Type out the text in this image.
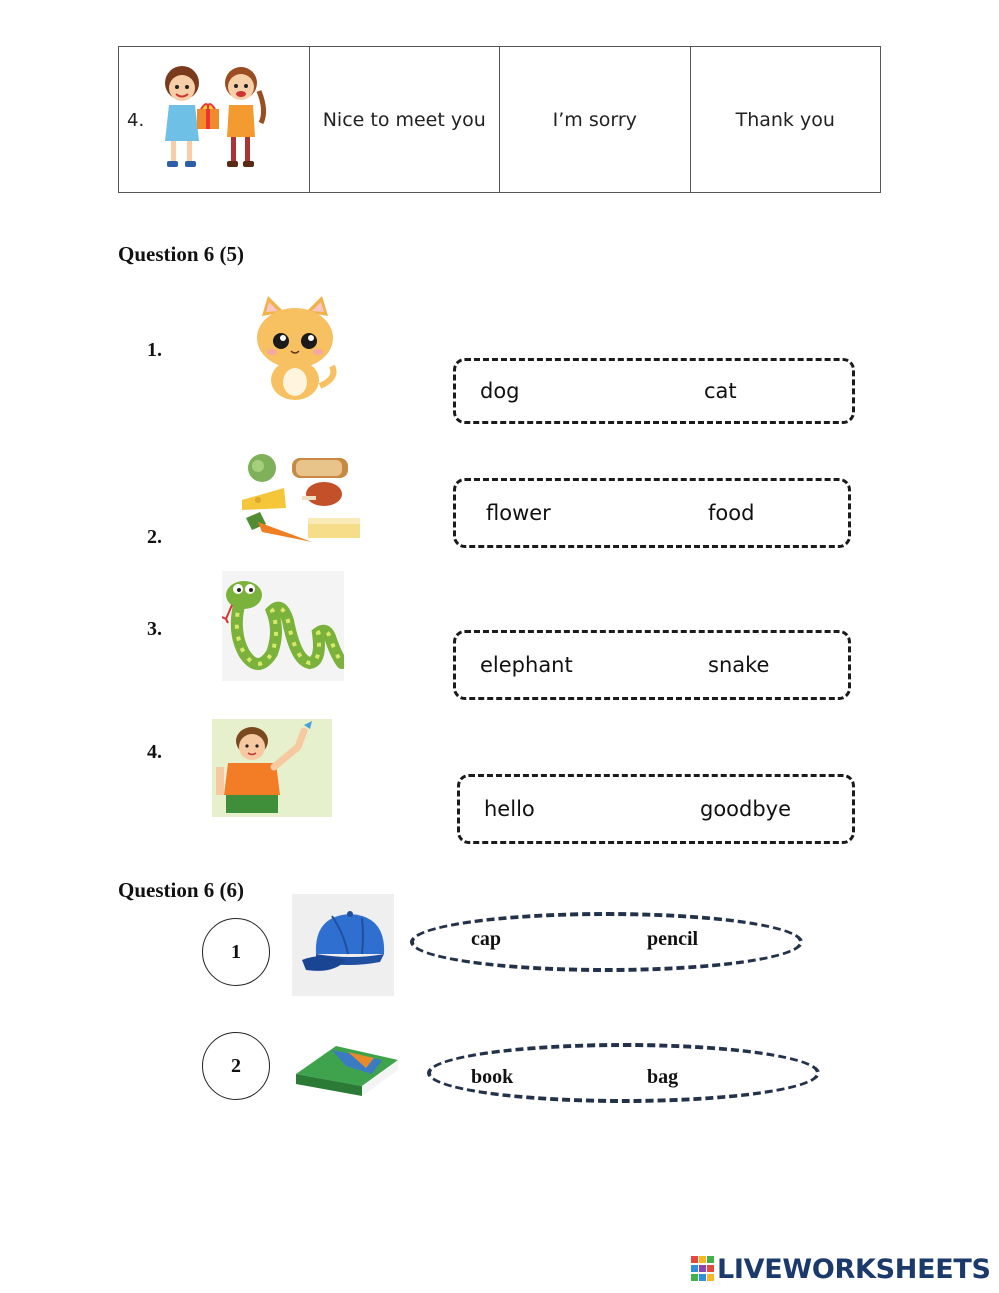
4.	Nice to meet you	I’m sorry	Thank you
Question 6 (5)
1.
dog	cat
2.
flower	food
3.
elephant	snake
4.
hello	goodbye
Question 6 (6)
1
cap	pencil
2
book	bag
LIVEWORKSHEETS
